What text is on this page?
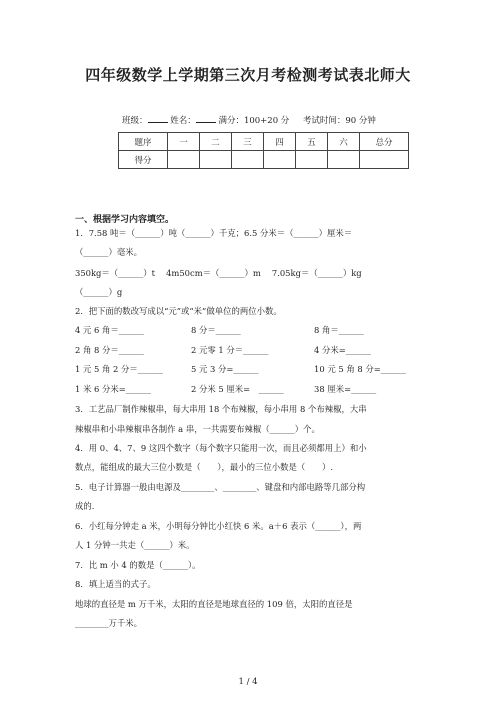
四年级数学上学期第三次月考检测考试表北师大
班级：	姓名：	满分：100+20 分 考试时间：90 分钟
题序	一	二	三	四	五	六	总分
得分							
一、根据学习内容填空。
1．7.58 吨＝（______）吨（______）千克；6.5 分米＝（______）厘米＝
（______）毫米。
350kg＝（______）t　 4m50cm＝（______）m　 7.05kg＝（______）kg
（______）g
2．把下面的数改写成以“元”或“米”做单位的两位小数。
4 元 6 角＝______	8 分＝______	8 角＝______
2 角 8 分＝______	2 元零 1 分＝______	4 分米=______
1 元 5 角 2 分＝______	5 元 3 分=______	10 元 5 角 8 分=______
1 米 6 分米=______	2 分米 5 厘米=　______	38 厘米=______
3．工艺品厂制作辣椒串，每大串用 18 个布辣椒，每小串用 8 个布辣椒，大串
辣椒串和小串辣椒串各制作 a 串，一共需要布辣椒（______）个。
4．用 0、4、7、9 这四个数字（每个数字只能用一次，而且必须都用上）和小
数点，能组成的最大三位小数是（　　），最小的三位小数是（　　）.
5．电子计算器一般由电源及________、________、键盘和内部电路等几部分构
成的.
6．小红每分钟走 a 米，小明每分钟比小红快 6 米。a＋6 表示（______），两
人 1 分钟一共走（______）米。
7．比 m 小 4 的数是（______）。
8．填上适当的式子。
地球的直径是 m 万千米，太阳的直径是地球直径的 109 倍，太阳的直径是
________万千米。
1 / 4
